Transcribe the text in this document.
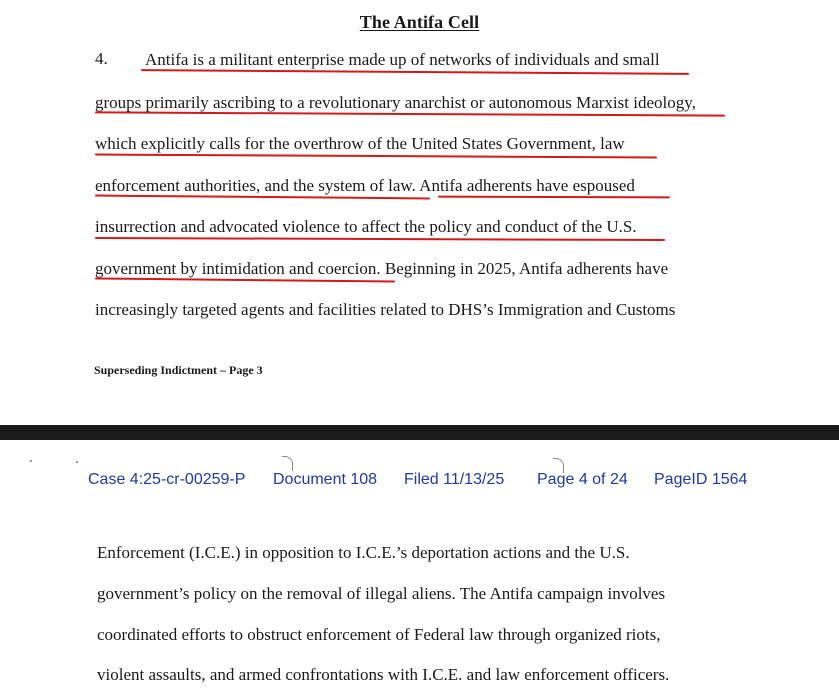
The Antifa Cell
4. Antifa is a militant enterprise made up of networks of individuals and small
groups primarily ascribing to a revolutionary anarchist or autonomous Marxist ideology,
which explicitly calls for the overthrow of the United States Government, law
enforcement authorities, and the system of law. Antifa adherents have espoused
insurrection and advocated violence to affect the policy and conduct of the U.S.
government by intimidation and coercion. Beginning in 2025, Antifa adherents have
increasingly targeted agents and facilities related to DHS’s Immigration and Customs
Superseding Indictment – Page 3
Case 4:25-cr-00259-P Document 108 Filed 11/13/25 Page 4 of 24 PageID 1564
Enforcement (I.C.E.) in opposition to I.C.E.’s deportation actions and the U.S.
government’s policy on the removal of illegal aliens. The Antifa campaign involves
coordinated efforts to obstruct enforcement of Federal law through organized riots,
violent assaults, and armed confrontations with I.C.E. and law enforcement officers.
